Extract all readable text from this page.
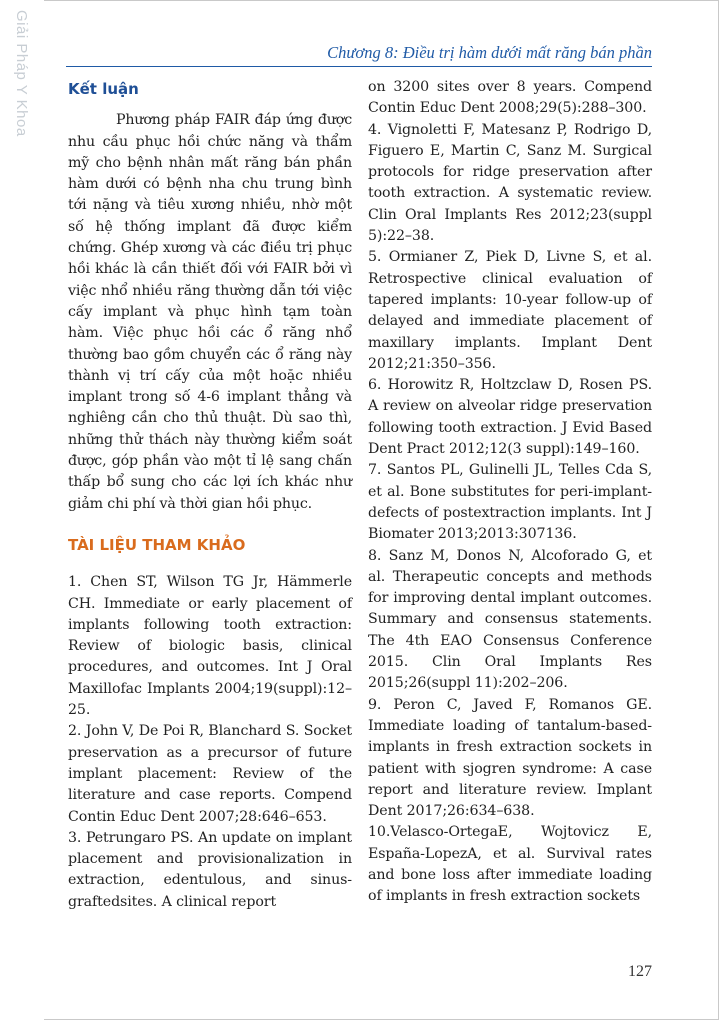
Giải Pháp Y Khoa	Chương 8: Điều trị hàm dưới mất răng bán phần
Kết luận

Phương pháp FAIR đáp ứng được nhu cầu phục hồi chức năng và thẩm mỹ cho bệnh nhân mất răng bán phần hàm dưới có bệnh nha chu trung bình tới nặng và tiêu xương nhiều, nhờ một số hệ thống implant đã được kiểm chứng. Ghép xương và các điều trị phục hồi khác là cần thiết đối với FAIR bởi vì việc nhổ nhiều răng thường dẫn tới việc cấy implant và phục hình tạm toàn hàm. Việc phục hồi các ổ răng nhổ thường bao gồm chuyển các ổ răng này thành vị trí cấy của một hoặc nhiều implant trong số 4-6 implant thẳng và nghiêng cần cho thủ thuật. Dù sao thì, những thử thách này thường kiểm soát được, góp phần vào một tỉ lệ sang chấn thấp bổ sung cho các lợi ích khác như giảm chi phí và thời gian hồi phục.

TÀI LIỆU THAM KHẢO

1. Chen ST, Wilson TG Jr, Hämmerle CH. Immediate or early placement of implants following tooth extraction: Review of biologic basis, clinical procedures, and outcomes. Int J Oral Maxillofac Implants 2004;19(suppl):12–25.

2. John V, De Poi R, Blanchard S. Socket preservation as a precursor of future implant placement: Review of the literature and case reports. Compend Contin Educ Dent 2007;28:646–653.

3. Petrungaro PS. An update on implant placement and provisionalization in extraction, edentulous, and sinus-graftedsites. A clinical report

on 3200 sites over 8 years. Compend Contin Educ Dent 2008;29(5):288–300.

4. Vignoletti F, Matesanz P, Rodrigo D, Figuero E, Martin C, Sanz M. Surgical protocols for ridge preservation after tooth extraction. A systematic review. Clin Oral Implants Res 2012;23(suppl 5):22–38.

5. Ormianer Z, Piek D, Livne S, et al. Retrospective clinical evaluation of tapered implants: 10-year follow-up of delayed and immediate placement of maxillary implants. Implant Dent 2012;21:350–356.

6. Horowitz R, Holtzclaw D, Rosen PS. A review on alveolar ridge preservation following tooth extraction. J Evid Based Dent Pract 2012;12(3 suppl):149–160.

7. Santos PL, Gulinelli JL, Telles Cda S, et al. Bone substitutes for peri-implant-defects of postextraction implants. Int J Biomater 2013;2013:307136.

8. Sanz M, Donos N, Alcoforado G, et al. Therapeutic concepts and methods for improving dental implant outcomes. Summary and consensus statements. The 4th EAO Consensus Conference 2015. Clin Oral Implants Res 2015;26(suppl 11):202–206.

9. Peron C, Javed F, Romanos GE. Immediate loading of tantalum-based-implants in fresh extraction sockets in patient with sjogren syndrome: A case report and literature review. Implant Dent 2017;26:634–638.

10.Velasco-OrtegaE, Wojtovicz E, España-LopezA, et al. Survival rates and bone loss after immediate loading of implants in fresh extraction sockets

127
